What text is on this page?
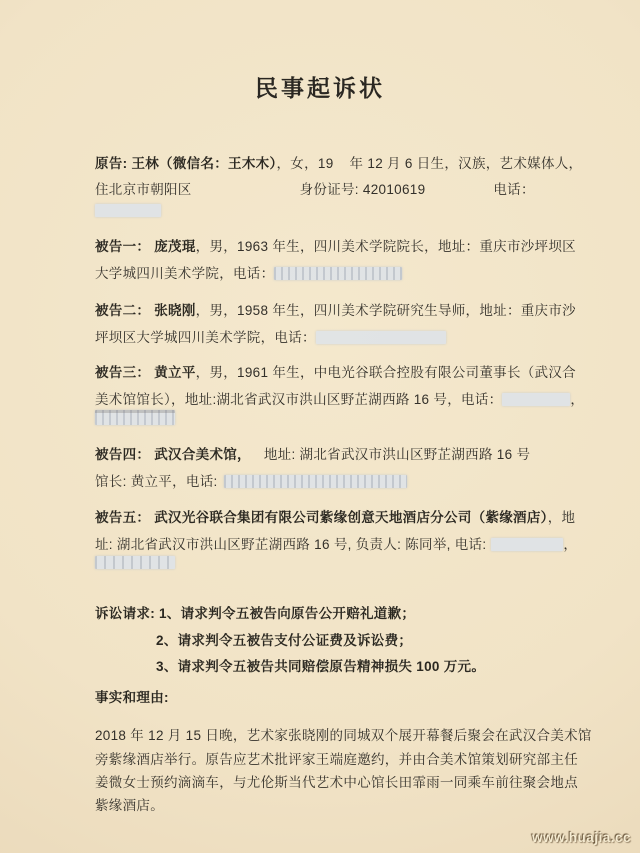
民事起诉状
原告: 王林（微信名：王木木），女，19 年 12 月 6 日生，汉族，艺术媒体人，
住北京市朝阳区	身份证号: 42010619	电话：
被告一： 庞茂琨，男，1963 年生，四川美术学院院长，地址：重庆市沙坪坝区
大学城四川美术学院，电话：
被告二： 张晓刚，男，1958 年生，四川美术学院研究生导师，地址：重庆市沙
坪坝区大学城四川美术学院，电话：
被告三： 黄立平，男，1961 年生，中电光谷联合控股有限公司董事长（武汉合
美术馆馆长），地址:湖北省武汉市洪山区野芷湖西路 16 号，电话：	，
被告四： 武汉合美术馆， 地址: 湖北省武汉市洪山区野芷湖西路 16 号
馆长: 黄立平，电话:
被告五： 武汉光谷联合集团有限公司紫缘创意天地酒店分公司（紫缘酒店），地
址: 湖北省武汉市洪山区野芷湖西路 16 号, 负责人: 陈同举, 电话:	，
诉讼请求: 1、请求判令五被告向原告公开赔礼道歉；
2、请求判令五被告支付公证费及诉讼费；
3、请求判令五被告共同赔偿原告精神损失 100 万元。
事实和理由:
2018 年 12 月 15 日晚，艺术家张晓刚的同城双个展开幕餐后聚会在武汉合美术馆
旁紫缘酒店举行。原告应艺术批评家王端庭邀约，并由合美术馆策划研究部主任
姜微女士预约滴滴车，与尤伦斯当代艺术中心馆长田霏雨一同乘车前往聚会地点
紫缘酒店。
www.huajia.cc
